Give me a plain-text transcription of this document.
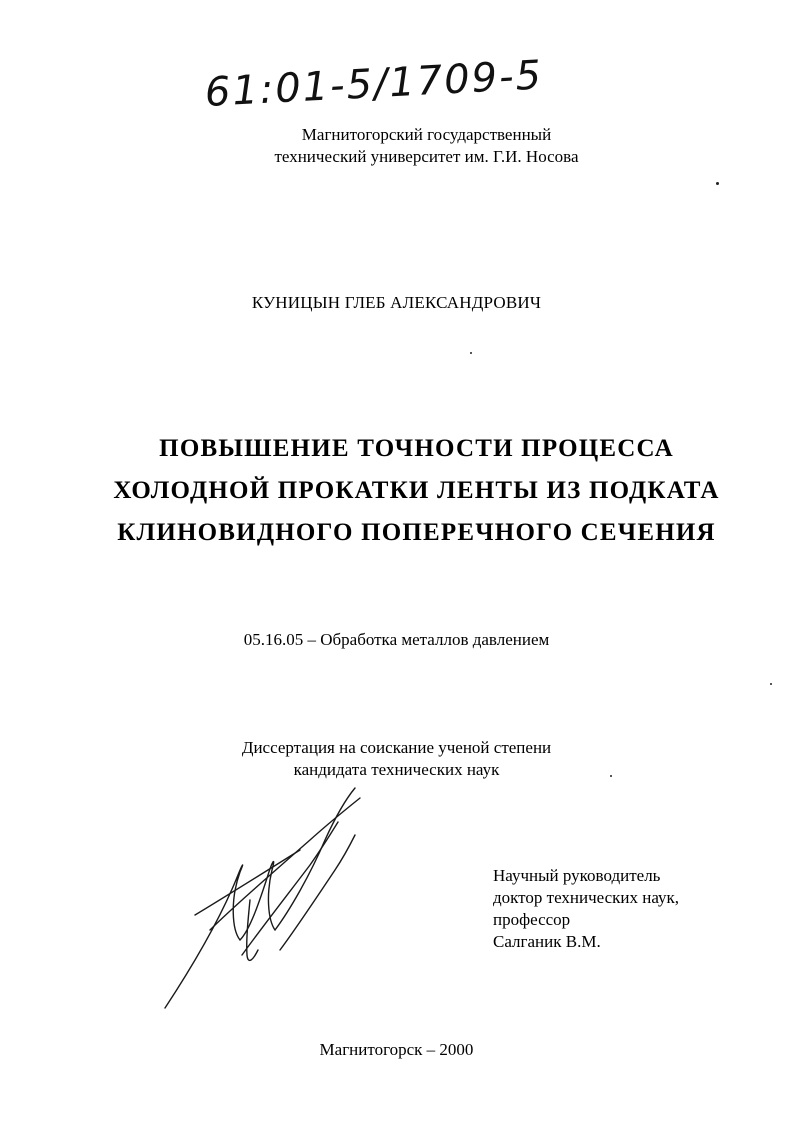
61:01-5/1709-5
Магнитогорский государственный
технический университет им. Г.И. Носова
КУНИЦЫН ГЛЕБ АЛЕКСАНДРОВИЧ
ПОВЫШЕНИЕ ТОЧНОСТИ ПРОЦЕССА
ХОЛОДНОЙ ПРОКАТКИ ЛЕНТЫ ИЗ ПОДКАТА
КЛИНОВИДНОГО ПОПЕРЕЧНОГО СЕЧЕНИЯ
05.16.05 – Обработка металлов давлением
Диссертация на соискание ученой степени
кандидата технических наук
Научный руководитель
доктор технических наук,
профессор
Салганик В.М.
Магнитогорск – 2000
